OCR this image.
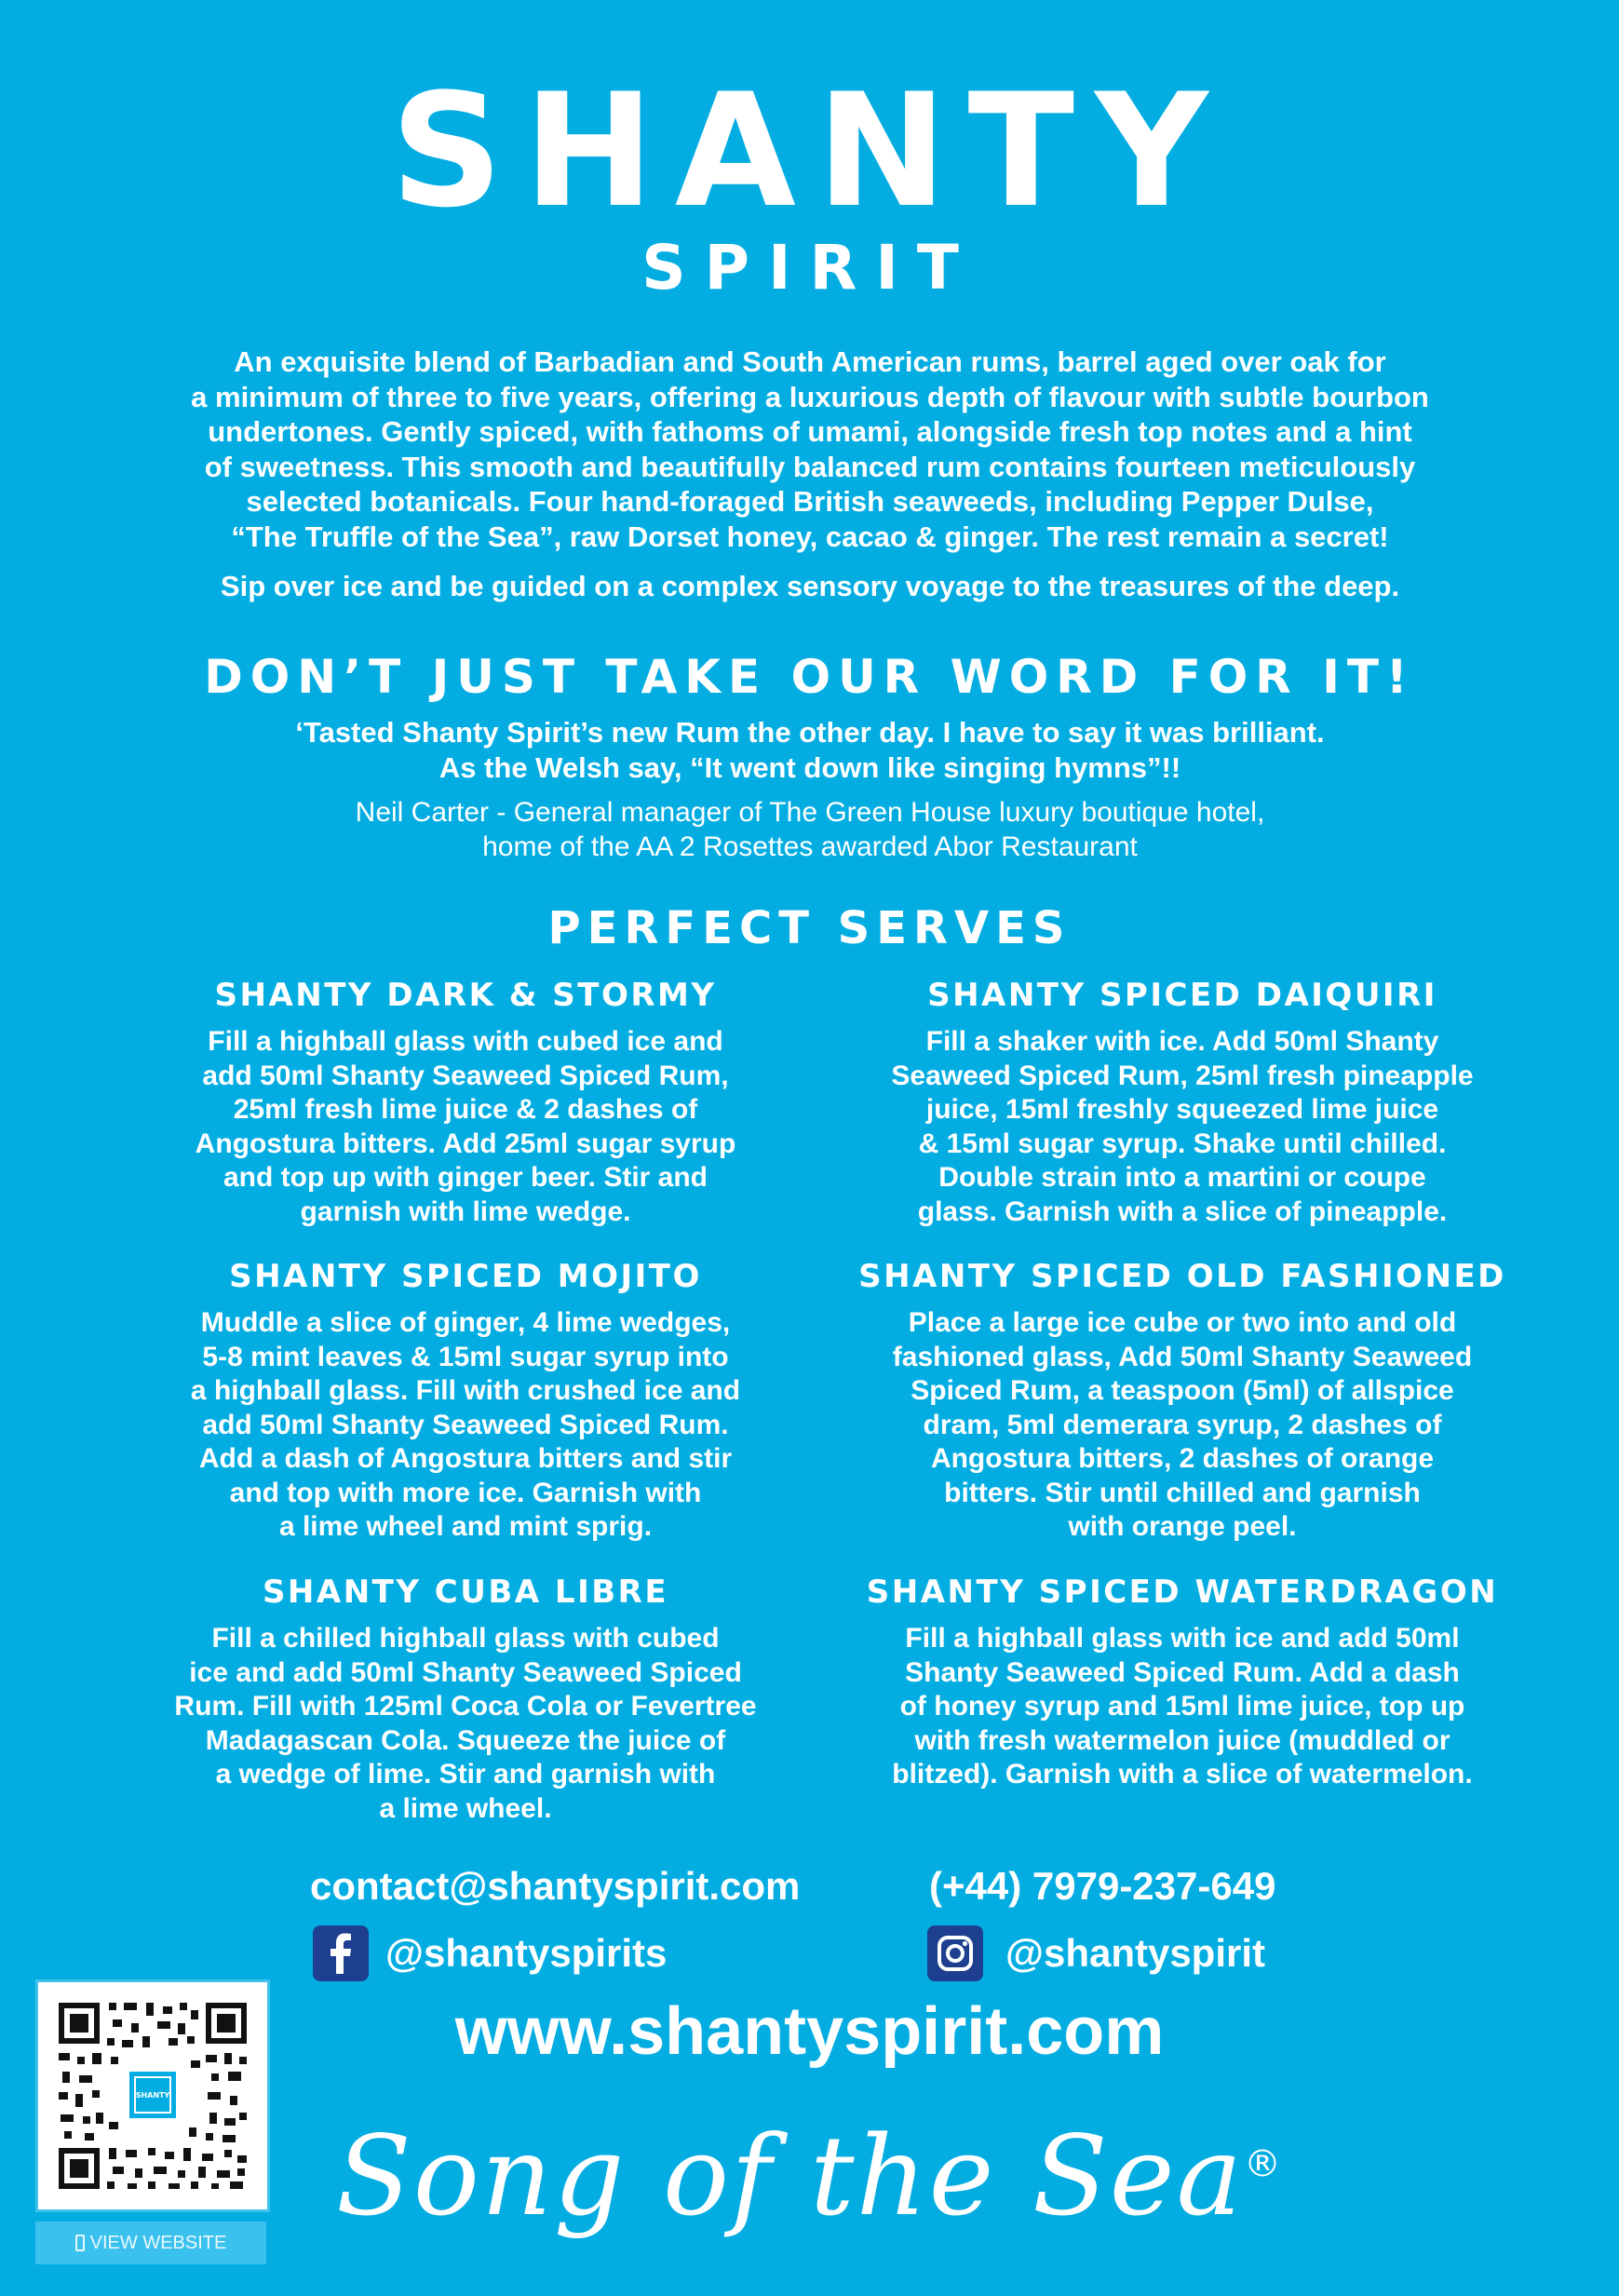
SHANTY
SPIRIT
An exquisite blend of Barbadian and South American rums, barrel aged over oak for
a minimum of three to five years, offering a luxurious depth of flavour with subtle bourbon
undertones. Gently spiced, with fathoms of umami, alongside fresh top notes and a hint
of sweetness. This smooth and beautifully balanced rum contains fourteen meticulously
selected botanicals. Four hand-foraged British seaweeds, including Pepper Dulse,
“The Truffle of the Sea”, raw Dorset honey, cacao & ginger. The rest remain a secret!
Sip over ice and be guided on a complex sensory voyage to the treasures of the deep.
DON’T JUST TAKE OUR WORD FOR IT!
‘Tasted Shanty Spirit’s new Rum the other day. I have to say it was brilliant.
As the Welsh say, “It went down like singing hymns”!!
Neil Carter - General manager of The Green House luxury boutique hotel,
home of the AA 2 Rosettes awarded Abor Restaurant
PERFECT SERVES
SHANTY DARK & STORMY
Fill a highball glass with cubed ice and
add 50ml Shanty Seaweed Spiced Rum,
25ml fresh lime juice & 2 dashes of
Angostura bitters. Add 25ml sugar syrup
and top up with ginger beer. Stir and
garnish with lime wedge.
SHANTY SPICED DAIQUIRI
Fill a shaker with ice. Add 50ml Shanty
Seaweed Spiced Rum, 25ml fresh pineapple
juice, 15ml freshly squeezed lime juice
& 15ml sugar syrup. Shake until chilled.
Double strain into a martini or coupe
glass. Garnish with a slice of pineapple.
SHANTY SPICED MOJITO
Muddle a slice of ginger, 4 lime wedges,
5-8 mint leaves & 15ml sugar syrup into
a highball glass. Fill with crushed ice and
add 50ml Shanty Seaweed Spiced Rum.
Add a dash of Angostura bitters and stir
and top with more ice. Garnish with
a lime wheel and mint sprig.
SHANTY SPICED OLD FASHIONED
Place a large ice cube or two into and old
fashioned glass, Add 50ml Shanty Seaweed
Spiced Rum, a teaspoon (5ml) of allspice
dram, 5ml demerara syrup, 2 dashes of
Angostura bitters, 2 dashes of orange
bitters. Stir until chilled and garnish
with orange peel.
SHANTY CUBA LIBRE
Fill a chilled highball glass with cubed
ice and add 50ml Shanty Seaweed Spiced
Rum. Fill with 125ml Coca Cola or Fevertree
Madagascan Cola. Squeeze the juice of
a wedge of lime. Stir and garnish with
a lime wheel.
SHANTY SPICED WATERDRAGON
Fill a highball glass with ice and add 50ml
Shanty Seaweed Spiced Rum. Add a dash
of honey syrup and 15ml lime juice, top up
with fresh watermelon juice (muddled or
blitzed). Garnish with a slice of watermelon.
contact@shantyspirit.com	(+44) 7979-237-649
@shantyspirits	@shantyspirit
www.shantyspirit.com
Song of the Sea®
SHANTY
VIEW WEBSITE
